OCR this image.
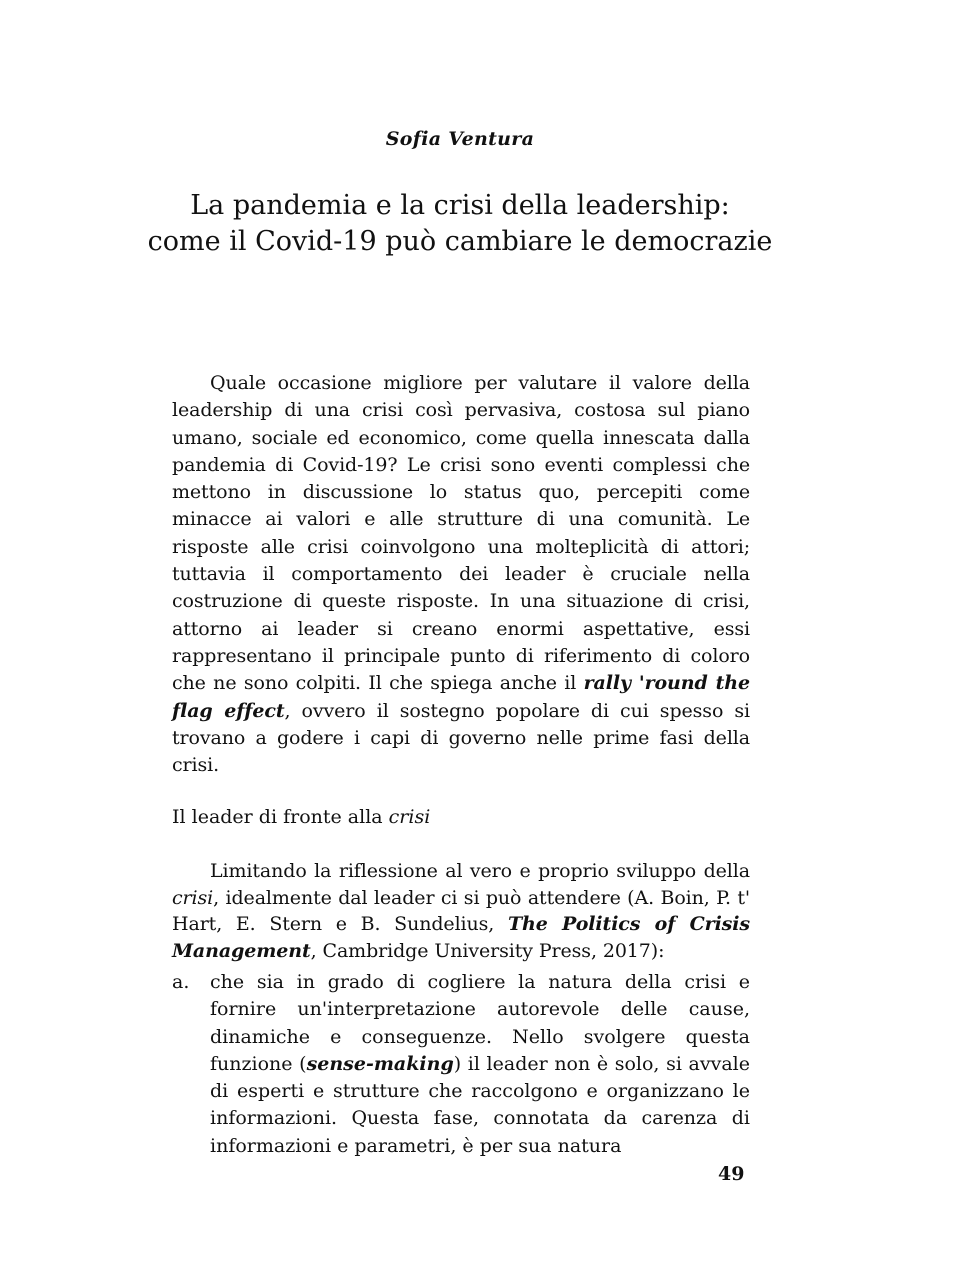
Sofia Ventura
La pandemia e la crisi della leadership:
come il Covid-19 può cambiare le democrazie

Quale occasione migliore per valutare il valore della leadership di una crisi così pervasiva, costosa sul piano umano, sociale ed economico, come quella innescata dalla pandemia di Covid-19? Le crisi sono eventi complessi che mettono in discussione lo status quo, percepiti come minacce ai valori e alle strutture di una comunità. Le risposte alle crisi coinvolgono una molteplicità di attori; tuttavia il comportamento dei leader è cruciale nella costruzione di queste risposte. In una situazione di crisi, attorno ai leader si creano enormi aspettative, essi rappresentano il principale punto di riferimento di coloro che ne sono colpiti. Il che spiega anche il rally 'round the flag effect, ovvero il sostegno popolare di cui spesso si trovano a godere i capi di governo nelle prime fasi della crisi.

Il leader di fronte alla crisi

Limitando la riflessione al vero e proprio sviluppo della crisi, idealmente dal leader ci si può attendere (A. Boin, P. t' Hart, E. Stern e B. Sundelius, The Politics of Crisis Management, Cambridge University Press, 2017):

a. che sia in grado di cogliere la natura della crisi e fornire un'interpretazione autorevole delle cause, dinamiche e conseguenze. Nello svolgere questa funzione (sense-making) il leader non è solo, si avvale di esperti e strutture che raccolgono e organizzano le informazioni. Questa fase, connotata da carenza di informazioni e parametri, è per sua natura

49
